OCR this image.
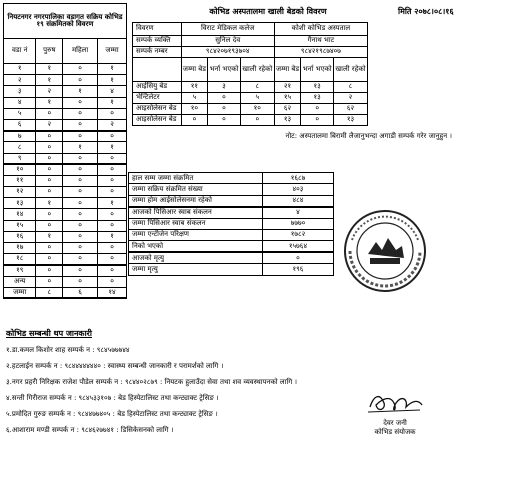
नियटनगर नगरपालिका वडागत सक्रिय कोभिड १९ संक्रमितको विवरण			
वडा नं	पुरुष	महिला	जम्मा
१	१	०	१
२	१	०	१
३	२	१	४
४	१	०	१
५	०	०	०
६	२	०	२
७	०	०	०
८	०	१	१
९	०	०	०
१०	०	०	०
११	०	०	०
१२	०	०	०
१३	१	०	१
१४	०	०	०
१५	०	०	०
१६	१	०	१
१७	०	०	०
१८	०	०	०
१९	०	०	०
अन्य	०	०	०
जम्मा	८	६	१४
कोभिड अस्पतालमा खाली बेडको विवरण	मिति २०७८।०८।१६
विवरण	विराट मेडिकल कलेज			कोशी कोभिड अस्पताल		
सम्पर्क व्यक्ति	सुनिल देव			गैनाथ भाट		
सम्पर्क नम्बर	९८४२०७१९३७०४			९८४२१९८७४०७		
	जम्मा बेड	भर्ना भएको	खाली रहेको	जम्मा बेड	भर्ना भएको	खाली रहेको
आईसियु बेड	११	३	८	२१	१३	८
भेन्टिलेटर	५	०	५	१५	१३	२
आइसोलेसन बेड	१०	०	१०	६२	०	६२
आइसोलेसन बेड	०	०	०	१३	०	१३
नोट: अस्पतालमा बिरामी लैजानुभन्दा अगाडी सम्पर्क गरेर जानुहुन ।
हाल सम्म जम्मा संक्रमित	१६८७
जम्मा सक्रिय संक्रमित संख्या	४०३
जम्मा होम आईसोलेसनमा रहेको	४८४
आजको पिसिआर स्वाब संकलन	४
जम्मा पिसिआर स्वाब संकलन	७७७०
जम्मा एन्टीजेन परिक्षण	१७८२
निको भएको	१५७६४
आजको मृत्यु	०
जम्मा मृत्यु	१९६
कोभिड सम्बन्धी थप जानकारी
१.डा.कमल किशोर शाह सम्पर्क न : ९८४५७७७४४
२.हटलाईन सम्पर्क न : ९८४४४४४४४० : स्वास्थ्य सम्बन्धी जानकारी र परामर्शको लागि ।
३.नगर प्रहरी निरिक्षक राजेश पौडेल सम्पर्क न : ९८४४०२८७९ : नियटक हुलाउँदा सेवा तथा शव व्यवस्थापनको लागि ।
४.सन्ती गिरीराज सम्पर्क न : ९८४५३३१०७ : बेड हिस्पेटालिस्ट तथा कन्ट्याक्ट ट्रेसिङ ।
५.प्रमोदित गुरुङ सम्पर्क न : ९८४४७७४०५ : बेड हिस्पेटालिस्ट तथा कन्ट्याक्ट ट्रेसिङ ।
६.आशाराम मण्डी सम्पर्क न : ९८४६२७७४१ : डिसिकेसनको लागि ।
देवर जनी
कोभिड संयोजक
